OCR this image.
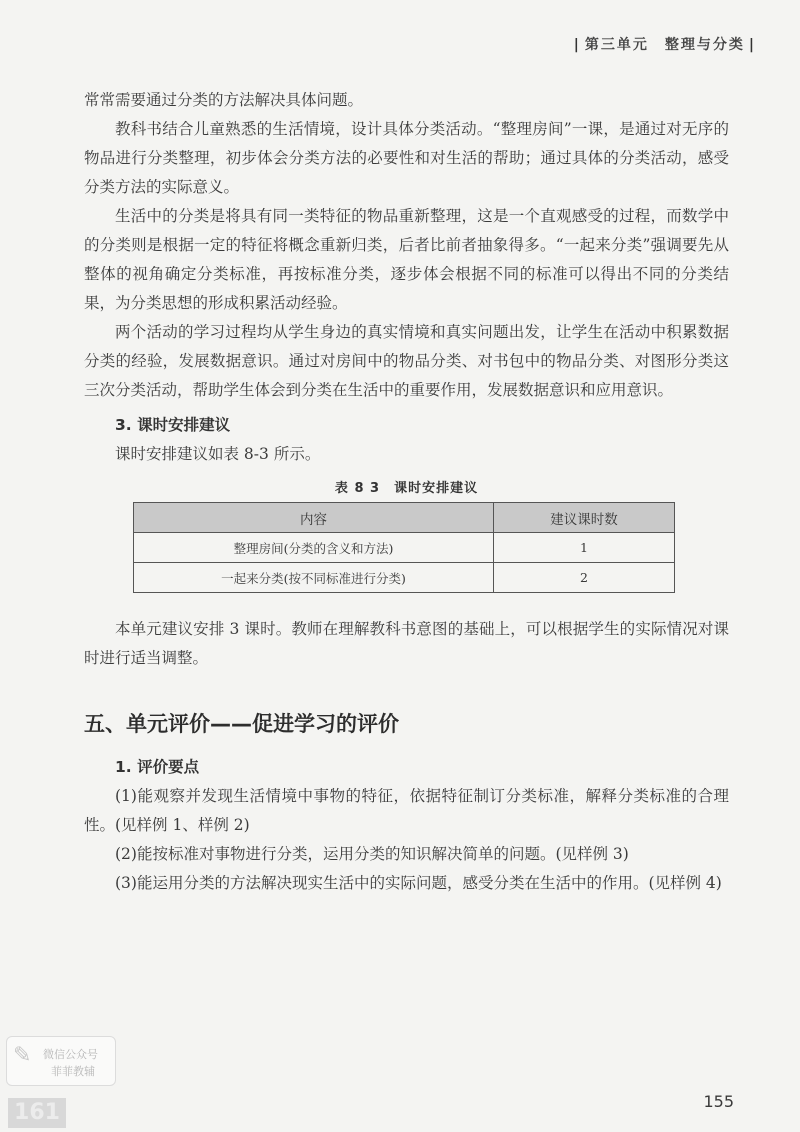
| 第三单元　整理与分类 |

常常需要通过分类的方法解决具体问题。

教科书结合儿童熟悉的生活情境，设计具体分类活动。“整理房间”一课，是通过对无序的物品进行分类整理，初步体会分类方法的必要性和对生活的帮助；通过具体的分类活动，感受分类方法的实际意义。

生活中的分类是将具有同一类特征的物品重新整理，这是一个直观感受的过程，而数学中的分类则是根据一定的特征将概念重新归类，后者比前者抽象得多。“一起来分类”强调要先从整体的视角确定分类标准，再按标准分类，逐步体会根据不同的标准可以得出不同的分类结果，为分类思想的形成积累活动经验。

两个活动的学习过程均从学生身边的真实情境和真实问题出发，让学生在活动中积累数据分类的经验，发展数据意识。通过对房间中的物品分类、对书包中的物品分类、对图形分类这三次分类活动，帮助学生体会到分类在生活中的重要作用，发展数据意识和应用意识。

3. 课时安排建议

课时安排建议如表 8-3 所示。

表 8 3　课时安排建议
内容	建议课时数
整理房间(分类的含义和方法)	1
一起来分类(按不同标准进行分类)	2

本单元建议安排 3 课时。教师在理解教科书意图的基础上，可以根据学生的实际情况对课时进行适当调整。

五、单元评价——促进学习的评价
1. 评价要点

(1)能观察并发现生活情境中事物的特征，依据特征制订分类标准，解释分类标准的合理性。(见样例 1、样例 2)

(2)能按标准对事物进行分类，运用分类的知识解决简单的问题。(见样例 3)

(3)能运用分类的方法解决现实生活中的实际问题，感受分类在生活中的作用。(见样例 4)

✎ 微信公众号
菲菲教辅
161	155
